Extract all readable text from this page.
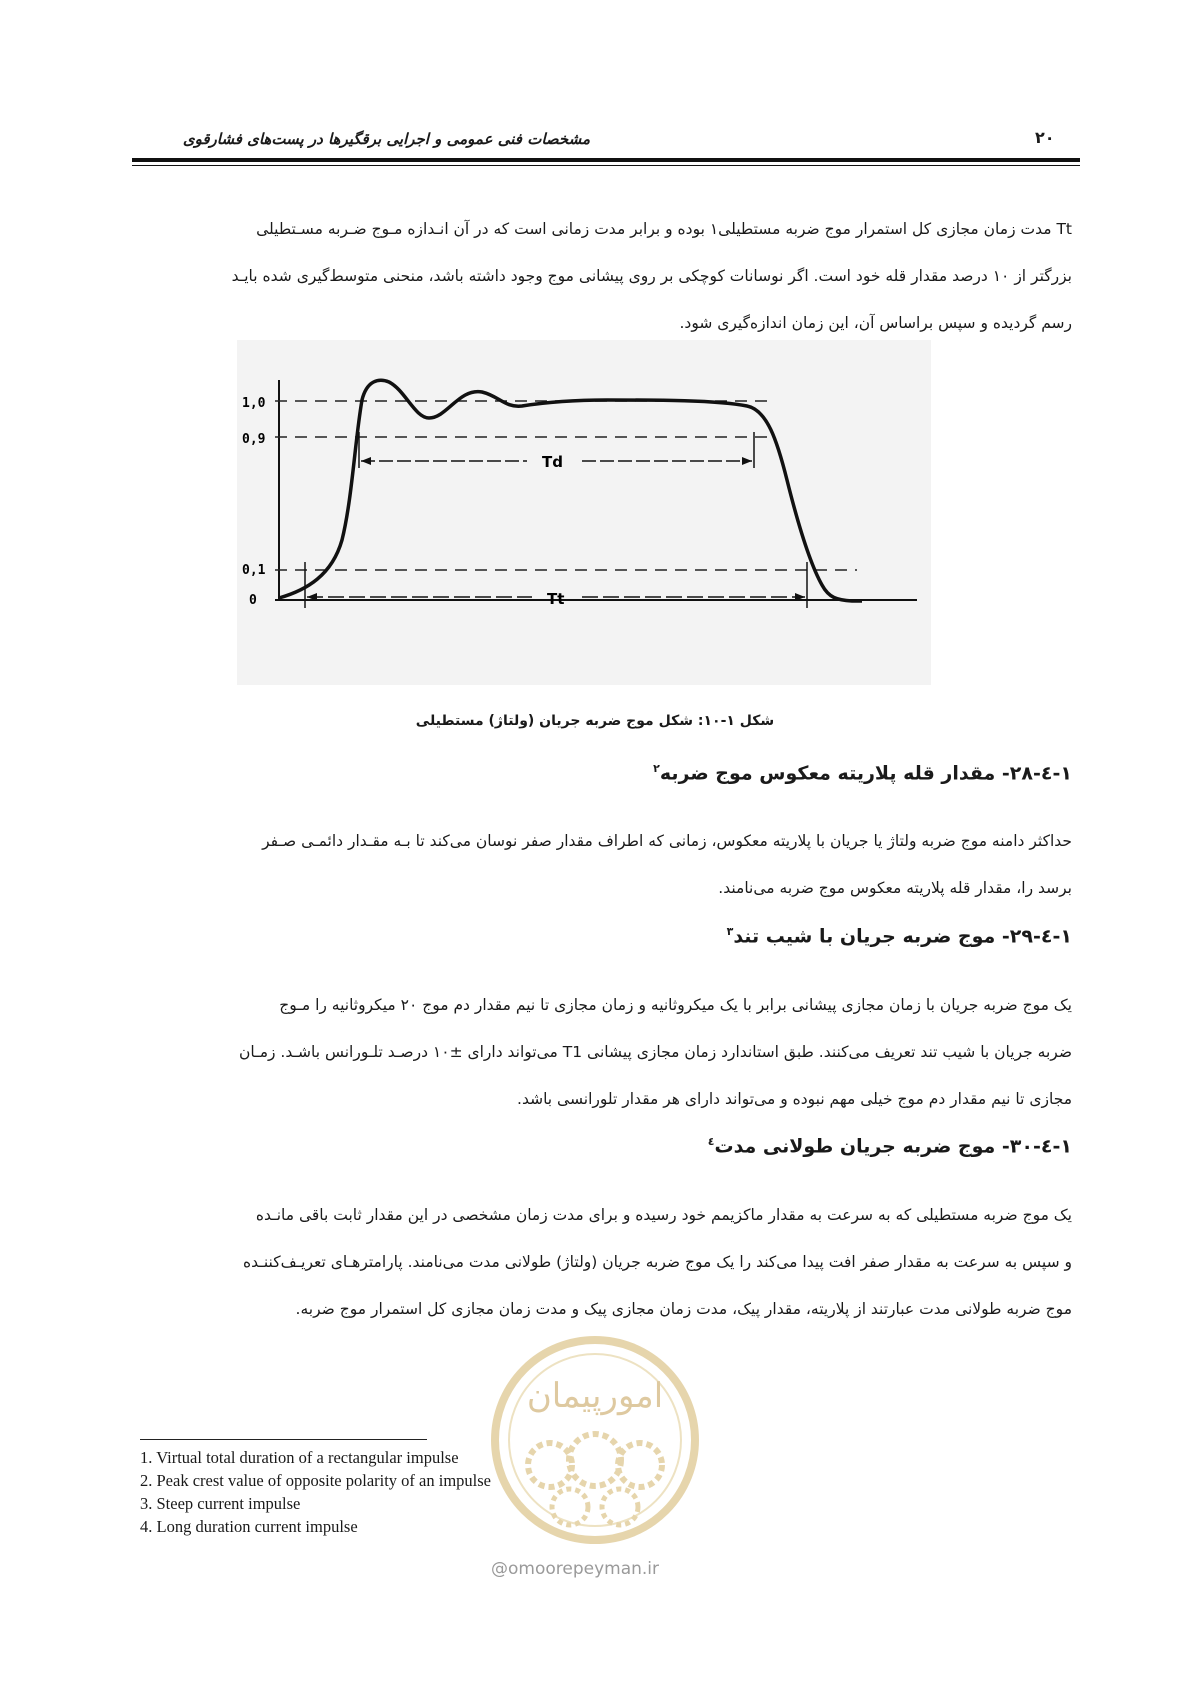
مشخصات فنی عمومی و اجرایی برقگیرها در پست‌های فشارقوی	۲۰
Tt مدت زمان مجازی کل استمرار موج ضربه مستطیلی۱ بوده و برابر مدت زمانی است که در آن انـدازه مـوج ضـربه مسـتطیلی
بزرگتر از ۱۰ درصد مقدار قله خود است. اگر نوسانات کوچکی بر روی پیشانی موج وجود داشته باشد، منحنی متوسط‌گیری شده بایـد
رسم گردیده و سپس براساس آن، این زمان اندازه‌گیری شود.
1,0
0,9
0,1
0
Td
Tt
شکل ۱-۱۰: شکل موج ضربه جریان (ولتاژ) مستطیلی
۱-٤-۲۸- مقدار قله پلاریته معکوس موج ضربه$^۲$
حداکثر دامنه موج ضربه ولتاژ یا جریان با پلاریته معکوس، زمانی که اطراف مقدار صفر نوسان می‌کند تا بـه مقـدار دائمـی صـفر
برسد را، مقدار قله پلاریته معکوس موج ضربه می‌نامند.
۱-٤-۲۹- موج ضربه جریان با شیب تند$^۳$
یک موج ضربه جریان با زمان مجازی پیشانی برابر با یک میکروثانیه و زمان مجازی تا نیم مقدار دم موج ۲۰ میکروثانیه را مـوج
ضربه جریان با شیب تند تعریف می‌کنند. طبق استاندارد زمان مجازی پیشانی T1 می‌تواند دارای ±۱۰ درصـد تلـورانس باشـد. زمـان
مجازی تا نیم مقدار دم موج خیلی مهم نبوده و می‌تواند دارای هر مقدار تلورانسی باشد.
۱-٤-۳۰- موج ضربه جریان طولانی مدت$^٤$
یک موج ضربه مستطیلی که به سرعت به مقدار ماکزیمم خود رسیده و برای مدت زمان مشخصی در این مقدار ثابت باقی مانـده
و سپس به سرعت به مقدار صفر افت پیدا می‌کند را یک موج ضربه جریان (ولتاژ) طولانی مدت می‌نامند. پارامترهـای تعریـف‌کننـده
موج ضربه طولانی مدت عبارتند از پلاریته، مقدار پیک، مدت زمان مجازی پیک و مدت زمان مجازی کل استمرار موج ضربه.
امورپیمان
1. Virtual total duration of a rectangular impulse
2. Peak crest value of opposite polarity of an impulse
3. Steep current impulse
4. Long duration current impulse
@omoorepeyman.ir
